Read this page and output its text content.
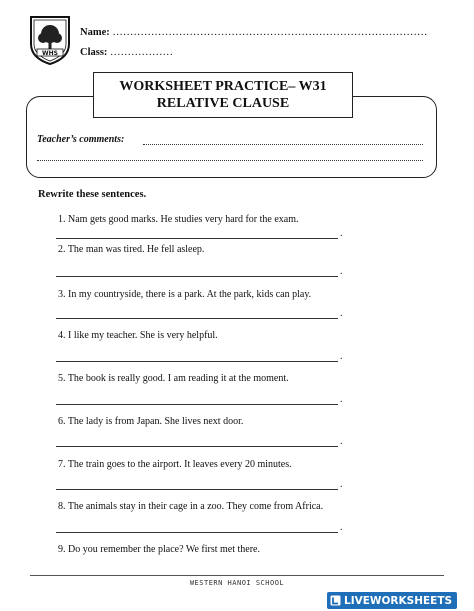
WHS
Name: ………………………………………………………………………………
Class: ………………
WORKSHEET PRACTICE– W31
RELATIVE CLAUSE
Teacher’s comments:
Rewrite these sentences.
1. Nam gets good marks. He studies very hard for the exam.
.
2. The man was tired. He fell asleep.
.
3. In my countryside, there is a park. At the park, kids can play.
.
4. I like my teacher. She is very helpful.
.
5. The book is really good. I am reading it at the moment.
.
6. The lady is from Japan. She lives next door.
.
7. The train goes to the airport. It leaves every 20 minutes.
.
8. The animals stay in their cage in a zoo. They come from Africa.
.
9. Do you remember the place? We first met there.
WESTERN HANOI SCHOOL
LIVEWORKSHEETS
